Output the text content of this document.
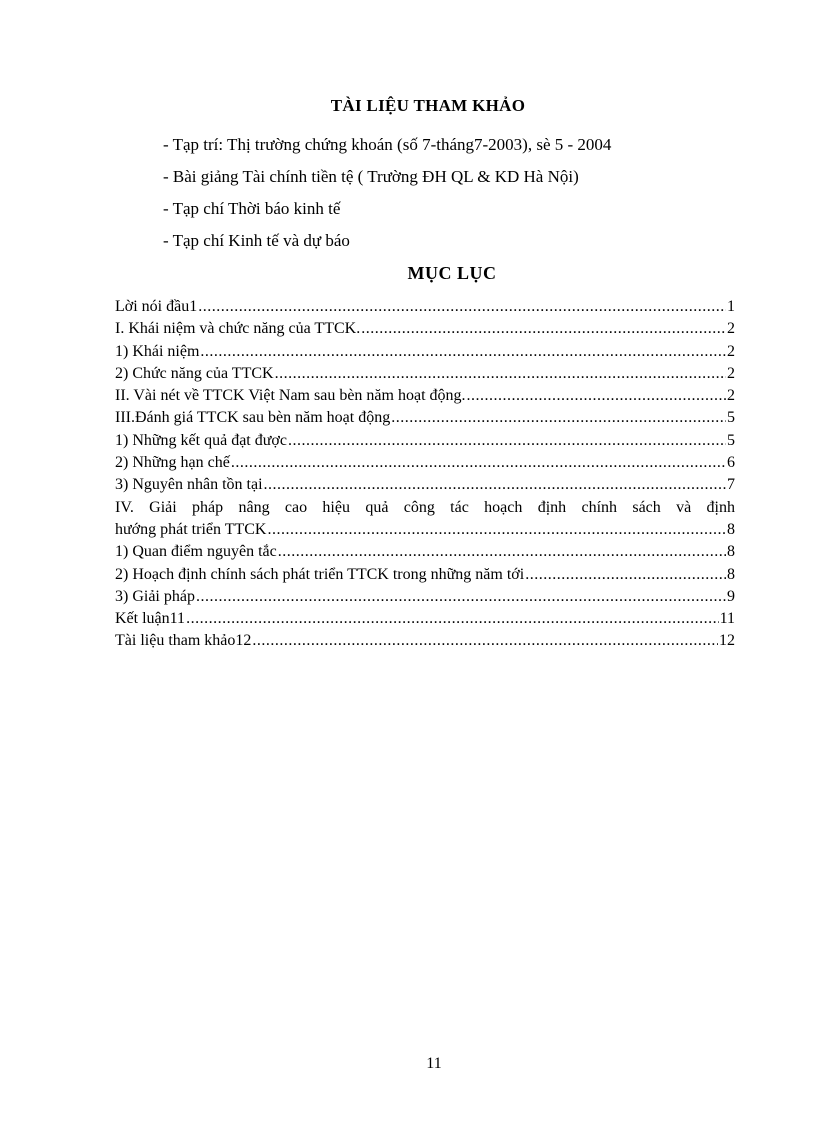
TÀI LIỆU THAM KHẢO
- Tạp trí: Thị trường chứng khoán (số 7-tháng7-2003), sè 5 - 2004
- Bài giảng Tài chính tiền tệ ( Trường ĐH QL & KD Hà Nội)
- Tạp chí Thời báo kinh tế
- Tạp chí Kinh tế và dự báo
MỤC LỤC
Lời nói đầu1 .....	1
I. Khái niệm và chức năng của TTCK. .....	2
1) Khái niệm .....	2
2) Chức năng của TTCK .....	2
II. Vài nét về TTCK Việt Nam sau bèn năm hoạt động. .....	2
III.Đánh giá TTCK sau bèn năm hoạt động .....	5
1) Những kết quả đạt được .....	5
2) Những hạn chế .....	6
3) Nguyên nhân tồn tại .....	7
IV. Giải pháp nâng cao hiệu quả công tác hoạch định chính sách và định
hướng phát triển TTCK .....	8
1) Quan điểm nguyên tắc .....	8
2) Hoạch định chính sách phát triển TTCK trong những năm tới .....	8
3) Giải pháp .....	9
Kết luận11 .....	11
Tài liệu tham khảo12 .....	12
11
